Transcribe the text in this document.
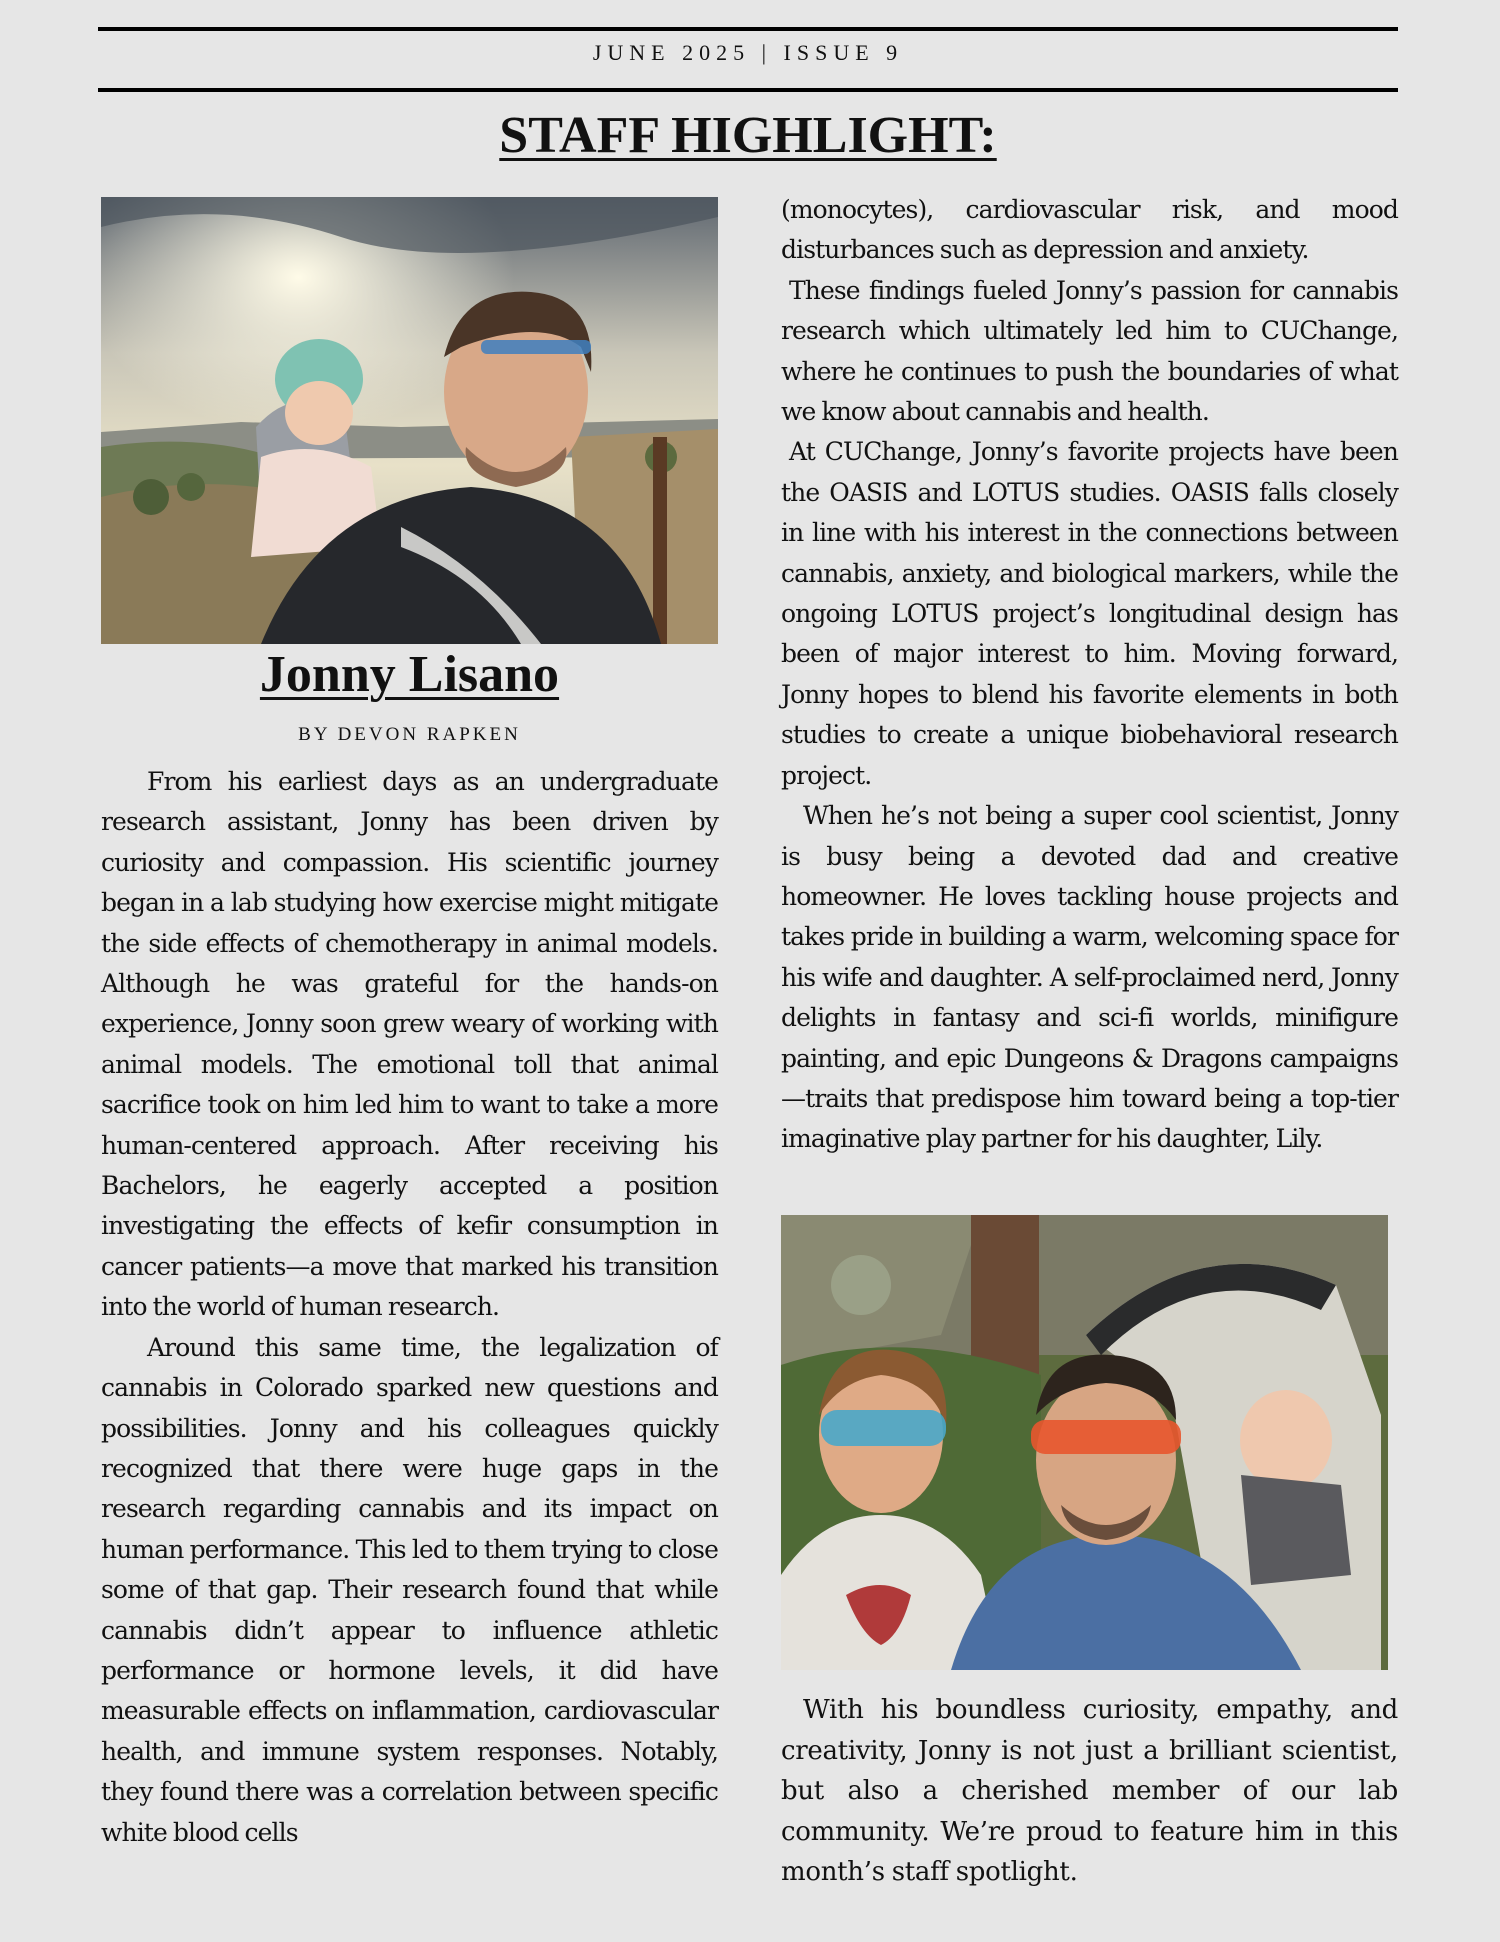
JUNE 2025 | ISSUE 9
STAFF HIGHLIGHT:
Jonny Lisano
BY DEVON RAPKEN

From his earliest days as an undergraduate research assistant, Jonny has been driven by curiosity and compassion. His scientific journey began in a lab studying how exercise might mitigate the side effects of chemotherapy in animal models. Although he was grateful for the hands-on experience, Jonny soon grew weary of working with animal models. The emotional toll that animal sacrifice took on him led him to want to take a more human-centered approach. After receiving his Bachelors, he eagerly accepted a position investigating the effects of kefir consumption in cancer patients—a move that marked his transition into the world of human research.

Around this same time, the legalization of cannabis in Colorado sparked new questions and possibilities. Jonny and his colleagues quickly recognized that there were huge gaps in the research regarding cannabis and its impact on human performance. This led to them trying to close some of that gap. Their research found that while cannabis didn’t appear to influence athletic performance or hormone levels, it did have measurable effects on inflammation, cardiovascular health, and immune system responses. Notably, they found there was a correlation between specific white blood cells

(monocytes), cardiovascular risk, and mood disturbances such as depression and anxiety.

These findings fueled Jonny’s passion for cannabis research which ultimately led him to CUChange, where he continues to push the boundaries of what we know about cannabis and health.

At CUChange, Jonny’s favorite projects have been the OASIS and LOTUS studies. OASIS falls closely in line with his interest in the connections between cannabis, anxiety, and biological markers, while the ongoing LOTUS project’s longitudinal design has been of major interest to him. Moving forward, Jonny hopes to blend his favorite elements in both studies to create a unique biobehavioral research project.

When he’s not being a super cool scientist, Jonny is busy being a devoted dad and creative homeowner. He loves tackling house projects and takes pride in building a warm, welcoming space for his wife and daughter. A self-proclaimed nerd, Jonny delights in fantasy and sci-fi worlds, minifigure painting, and epic Dungeons & Dragons campaigns—traits that predispose him toward being a top-tier imaginative play partner for his daughter, Lily.

With his boundless curiosity, empathy, and creativity, Jonny is not just a brilliant scientist, but also a cherished member of our lab community. We’re proud to feature him in this month’s staff spotlight.
